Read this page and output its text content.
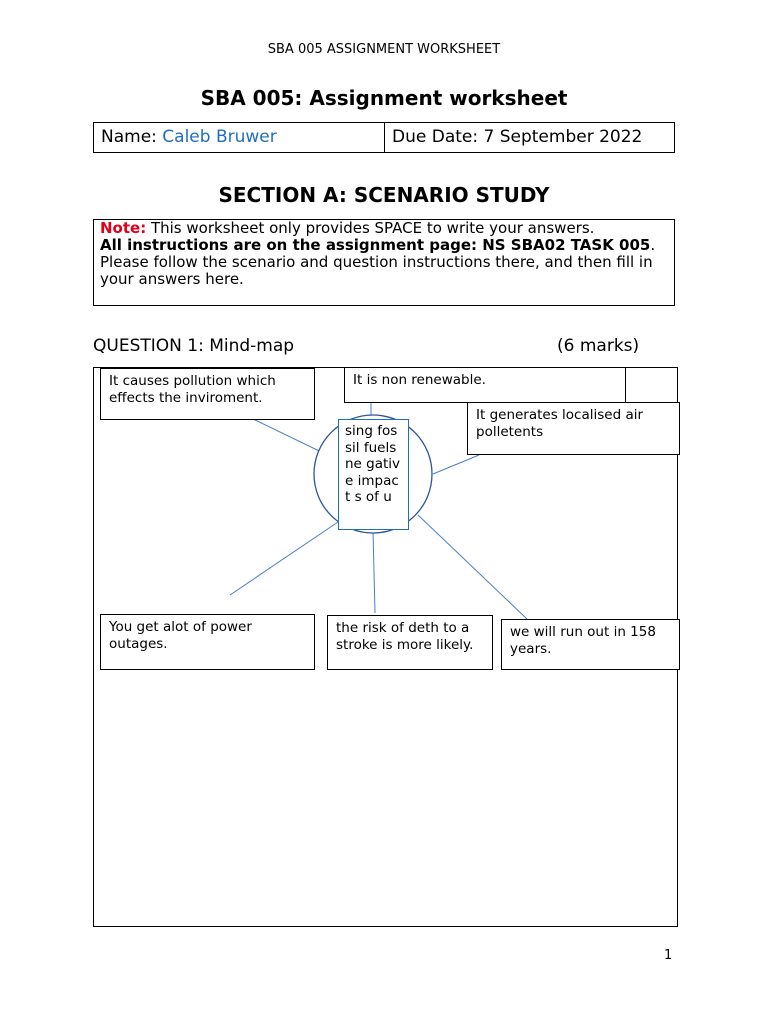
SBA 005 ASSIGNMENT WORKSHEET
SBA 005: Assignment worksheet
Name: Caleb Bruwer	Due Date: 7 September 2022
SECTION A: SCENARIO STUDY
Note: This worksheet only provides SPACE to write your answers.
All instructions are on the assignment page: NS SBA02 TASK 005.
Please follow the scenario and question instructions there, and then fill in your answers here.
QUESTION 1: Mind-map	(6 marks)
sing fossil fuelsne gative impact s of u
It causes pollution which effects the inviroment.
It is non renewable.
It generates localised air polletents
You get alot of power outages.
the risk of deth to a stroke is more likely.
we will run out in 158 years.
1
